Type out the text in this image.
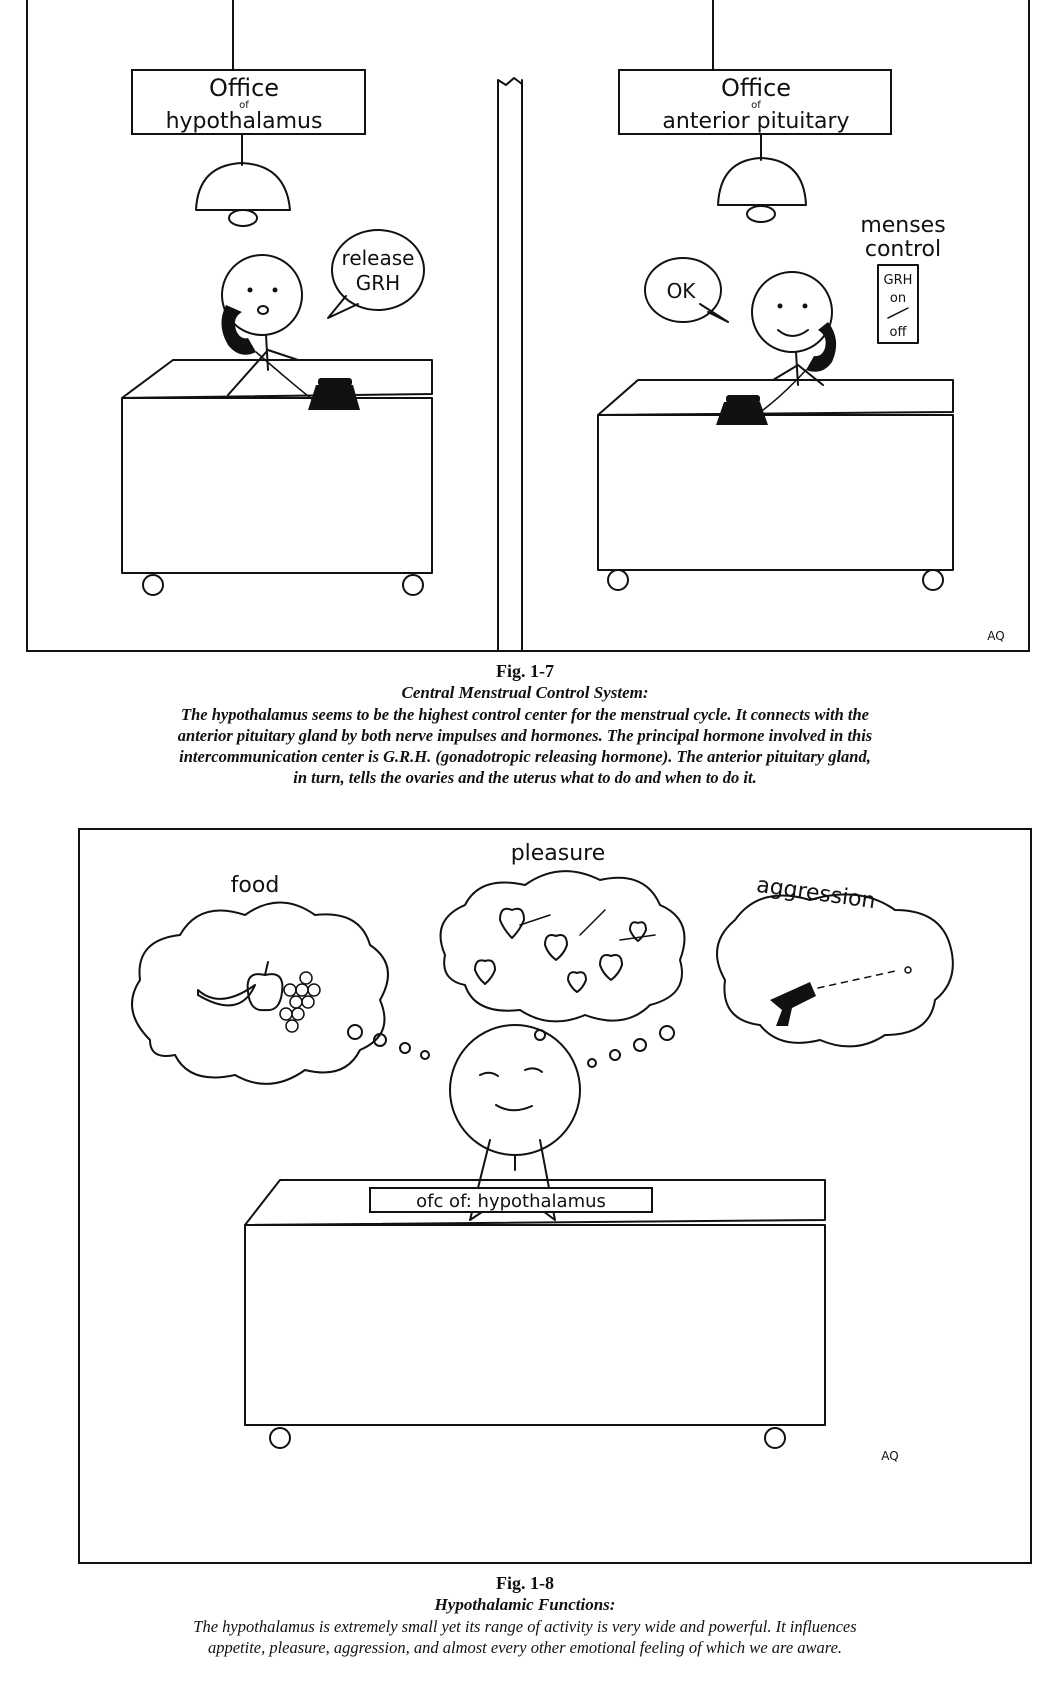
Office
of
hypothalamus
release
GRH
Office
of
anterior pituitary
menses
control
GRH
on
off
OK
AQ
Fig. 1-7
Central Menstrual Control System:
The hypothalamus seems to be the highest control center for the menstrual cycle. It connects with the
anterior pituitary gland by both nerve impulses and hormones. The principal hormone involved in this
intercommunication center is G.R.H. (gonadotropic releasing hormone). The anterior pituitary gland,
in turn, tells the ovaries and the uterus what to do and when to do it.
food
pleasure
aggression
ofc of: hypothalamus
AQ
Fig. 1-8
Hypothalamic Functions:
The hypothalamus is extremely small yet its range of activity is very wide and powerful. It influences
appetite, pleasure, aggression, and almost every other emotional feeling of which we are aware.
